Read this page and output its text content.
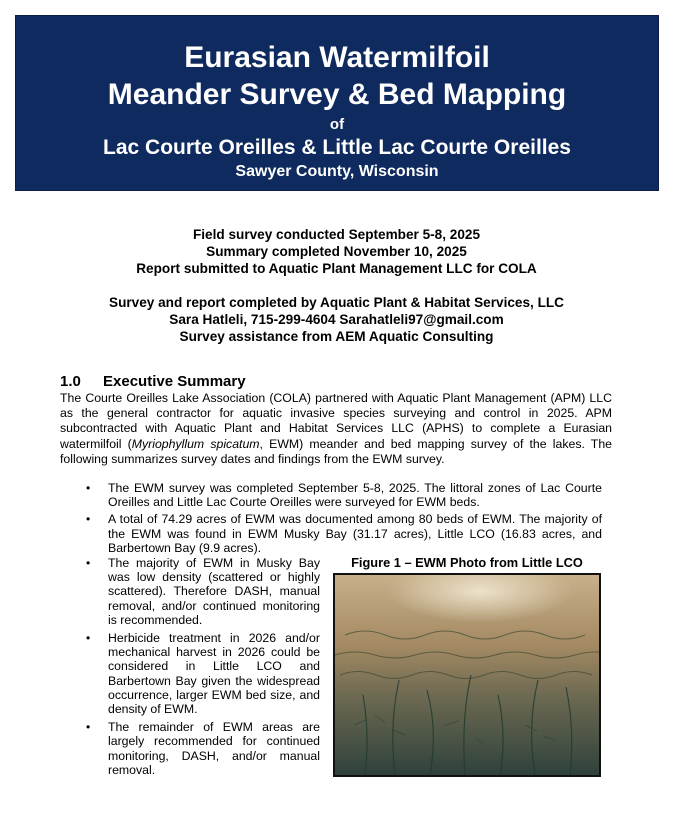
Eurasian Watermilfoil
Meander Survey & Bed Mapping
of
Lac Courte Oreilles & Little Lac Courte Oreilles
Sawyer County, Wisconsin
Field survey conducted September 5-8, 2025
Summary completed November 10, 2025
Report submitted to Aquatic Plant Management LLC for COLA
Survey and report completed by Aquatic Plant & Habitat Services, LLC
Sara Hatleli, 715-299-4604 Sarahatleli97@gmail.com
Survey assistance from AEM Aquatic Consulting
1.0 Executive Summary
The Courte Oreilles Lake Association (COLA) partnered with Aquatic Plant Management (APM) LLC as the general contractor for aquatic invasive species surveying and control in 2025. APM subcontracted with Aquatic Plant and Habitat Services LLC (APHS) to complete a Eurasian watermilfoil (Myriophyllum spicatum, EWM) meander and bed mapping survey of the lakes. The following summarizes survey dates and findings from the EWM survey.
• The EWM survey was completed September 5-8, 2025. The littoral zones of Lac Courte Oreilles and Little Lac Courte Oreilles were surveyed for EWM beds.
• A total of 74.29 acres of EWM was documented among 80 beds of EWM. The majority of the EWM was found in EWM Musky Bay (31.17 acres), Little LCO (16.83 acres, and Barbertown Bay (9.9 acres).
• The majority of EWM in Musky Bay was low density (scattered or highly scattered). Therefore DASH, manual removal, and/or continued monitoring is recommended.
• Herbicide treatment in 2026 and/or mechanical harvest in 2026 could be considered in Little LCO and Barbertown Bay given the widespread occurrence, larger EWM bed size, and density of EWM.
• The remainder of EWM areas are largely recommended for continued monitoring, DASH, and/or manual removal.
Figure 1 – EWM Photo from Little LCO
